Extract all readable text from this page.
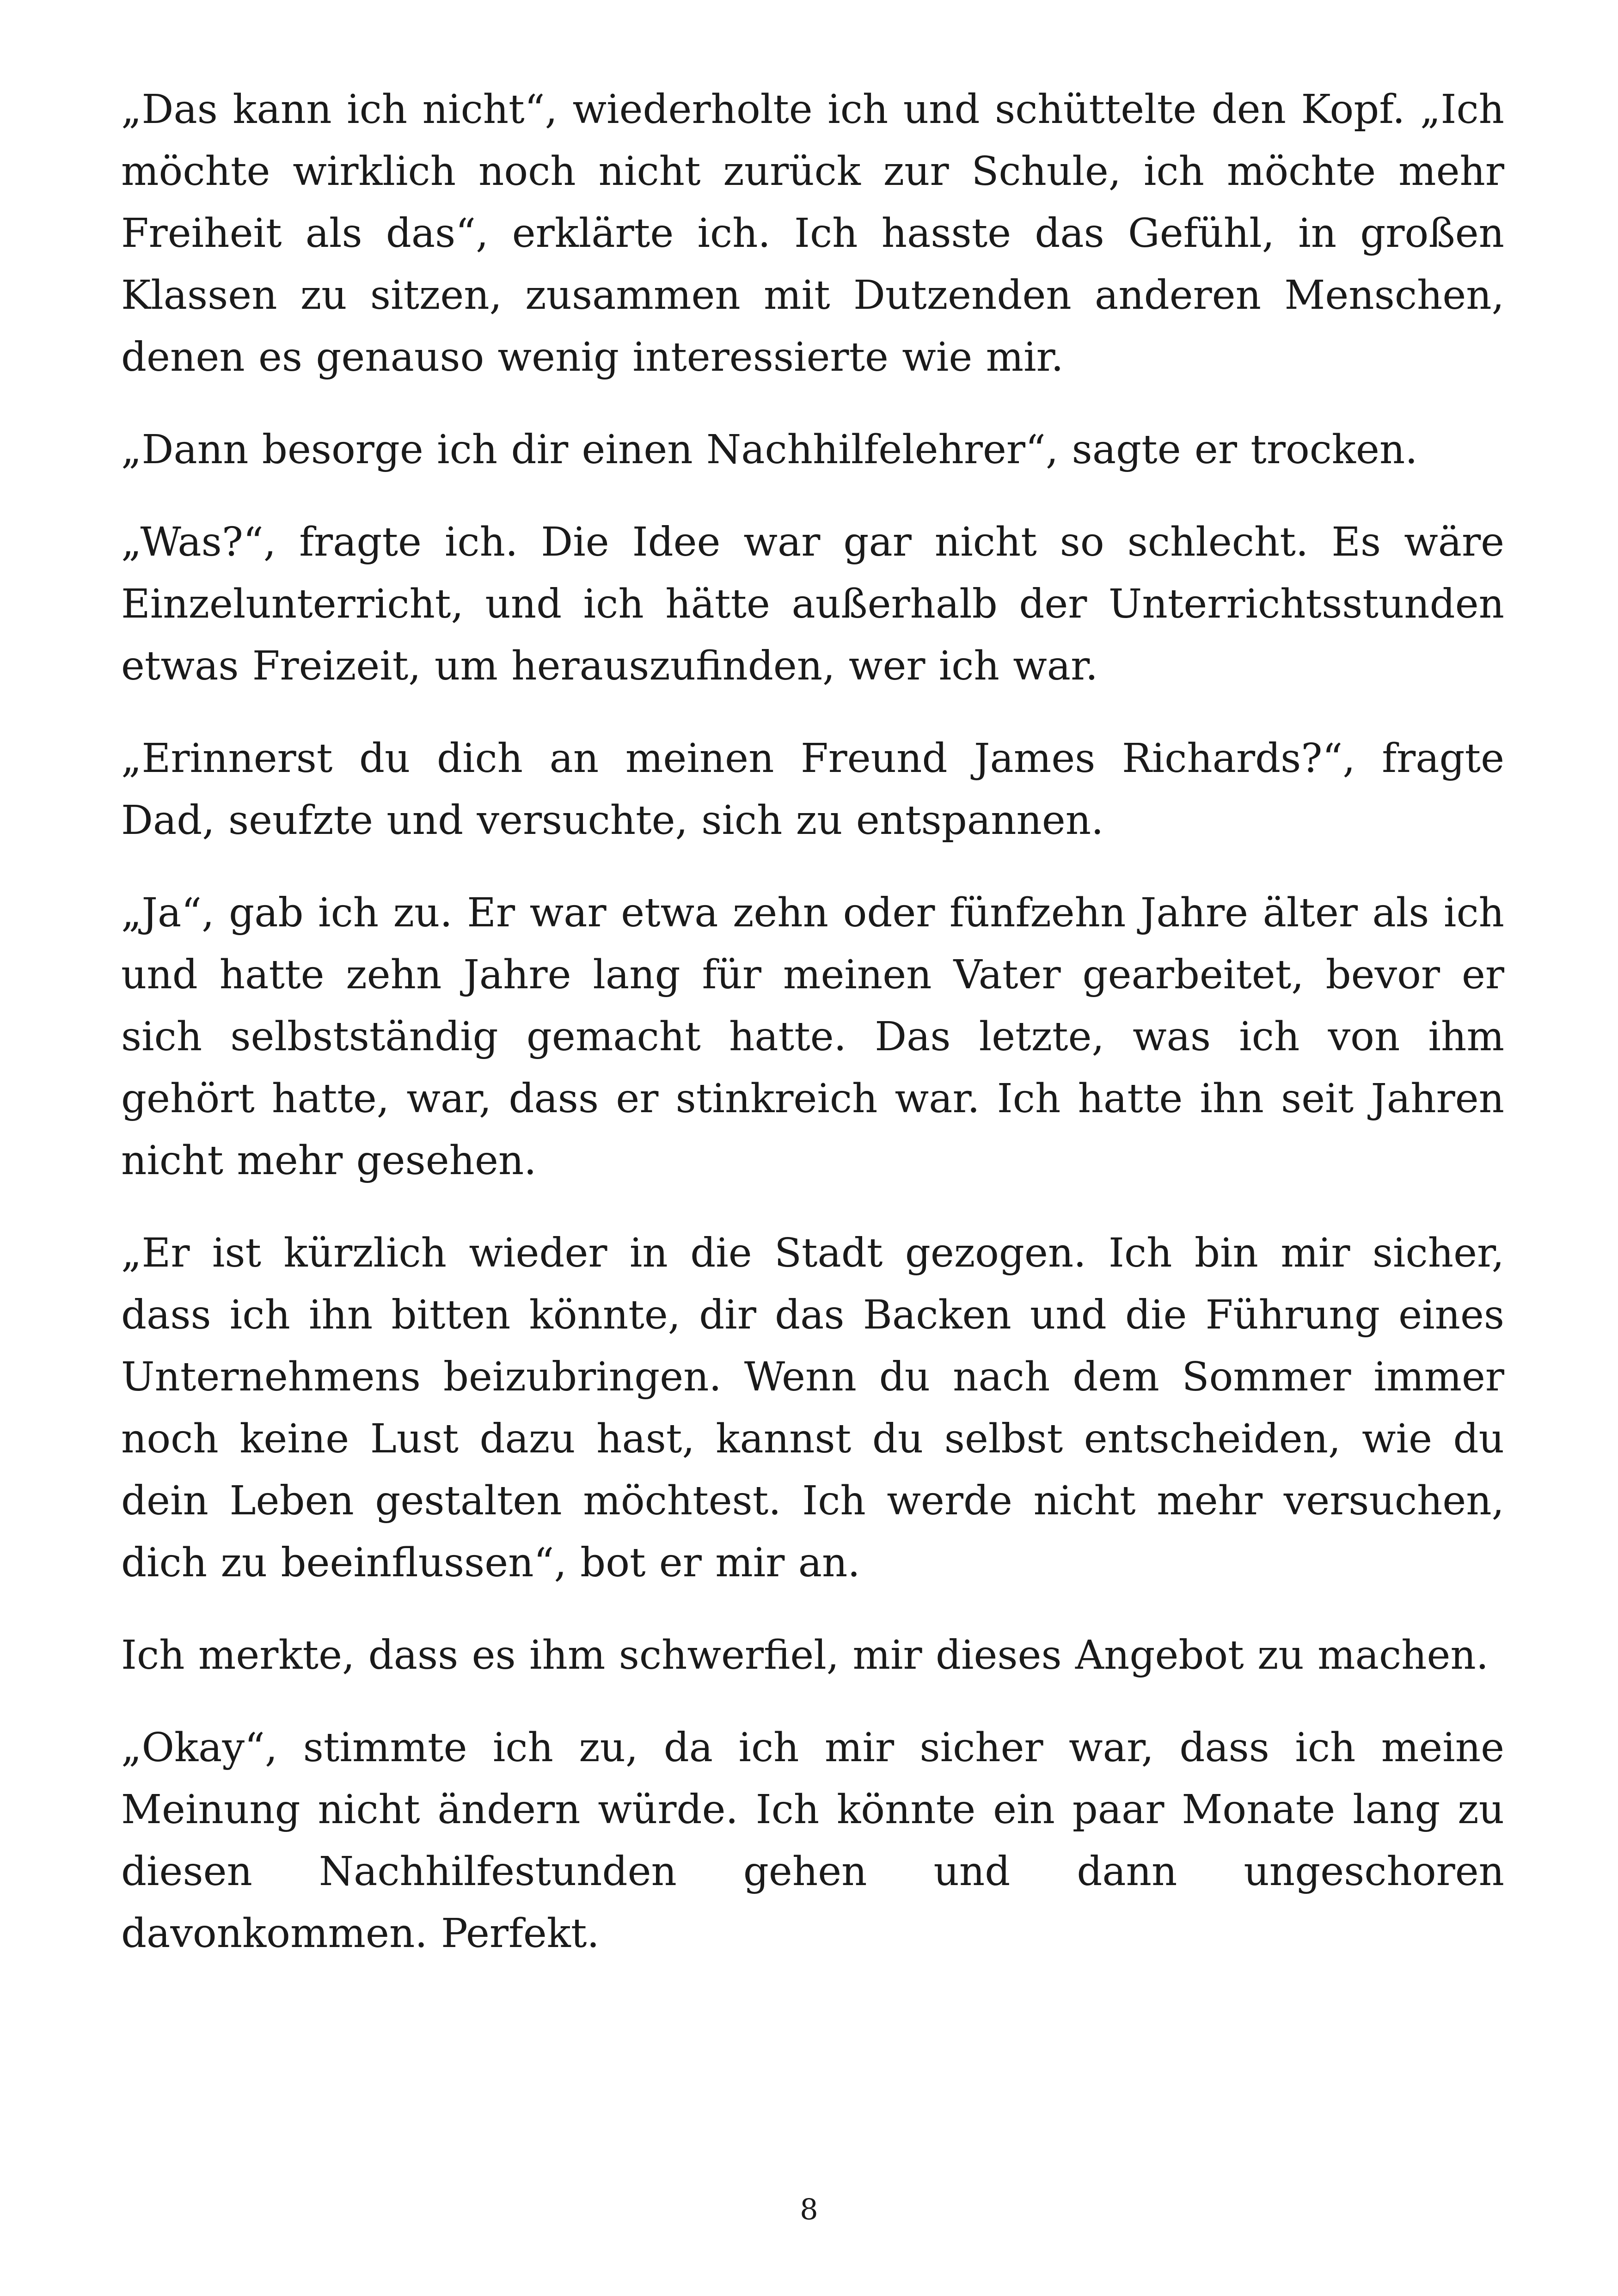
„Das kann ich nicht“, wiederholte ich und schüttelte den Kopf. „Ich möchte wirklich noch nicht zurück zur Schule, ich möchte mehr Freiheit als das“, erklärte ich. Ich hasste das Gefühl, in großen Klassen zu sitzen, zusammen mit Dutzenden anderen Menschen, denen es genauso wenig interessierte wie mir.

„Dann besorge ich dir einen Nachhilfelehrer“, sagte er trocken.

„Was?“, fragte ich. Die Idee war gar nicht so schlecht. Es wäre Einzelunterricht, und ich hätte außerhalb der Unterrichtsstunden etwas Freizeit, um herauszufinden, wer ich war.

„Erinnerst du dich an meinen Freund James Richards?“, fragte Dad, seufzte und versuchte, sich zu entspannen.

„Ja“, gab ich zu. Er war etwa zehn oder fünfzehn Jahre älter als ich und hatte zehn Jahre lang für meinen Vater gearbeitet, bevor er sich selbstständig gemacht hatte. Das letzte, was ich von ihm gehört hatte, war, dass er stinkreich war. Ich hatte ihn seit Jahren nicht mehr gesehen.

„Er ist kürzlich wieder in die Stadt gezogen. Ich bin mir sicher, dass ich ihn bitten könnte, dir das Backen und die Führung eines Unternehmens beizubringen. Wenn du nach dem Sommer immer noch keine Lust dazu hast, kannst du selbst entscheiden, wie du dein Leben gestalten möchtest. Ich werde nicht mehr versuchen, dich zu beeinflussen“, bot er mir an.

Ich merkte, dass es ihm schwerfiel, mir dieses Angebot zu machen.

„Okay“, stimmte ich zu, da ich mir sicher war, dass ich meine Meinung nicht ändern würde. Ich könnte ein paar Monate lang zu diesen Nachhilfestunden gehen und dann ungeschoren davonkommen. Perfekt.

8
